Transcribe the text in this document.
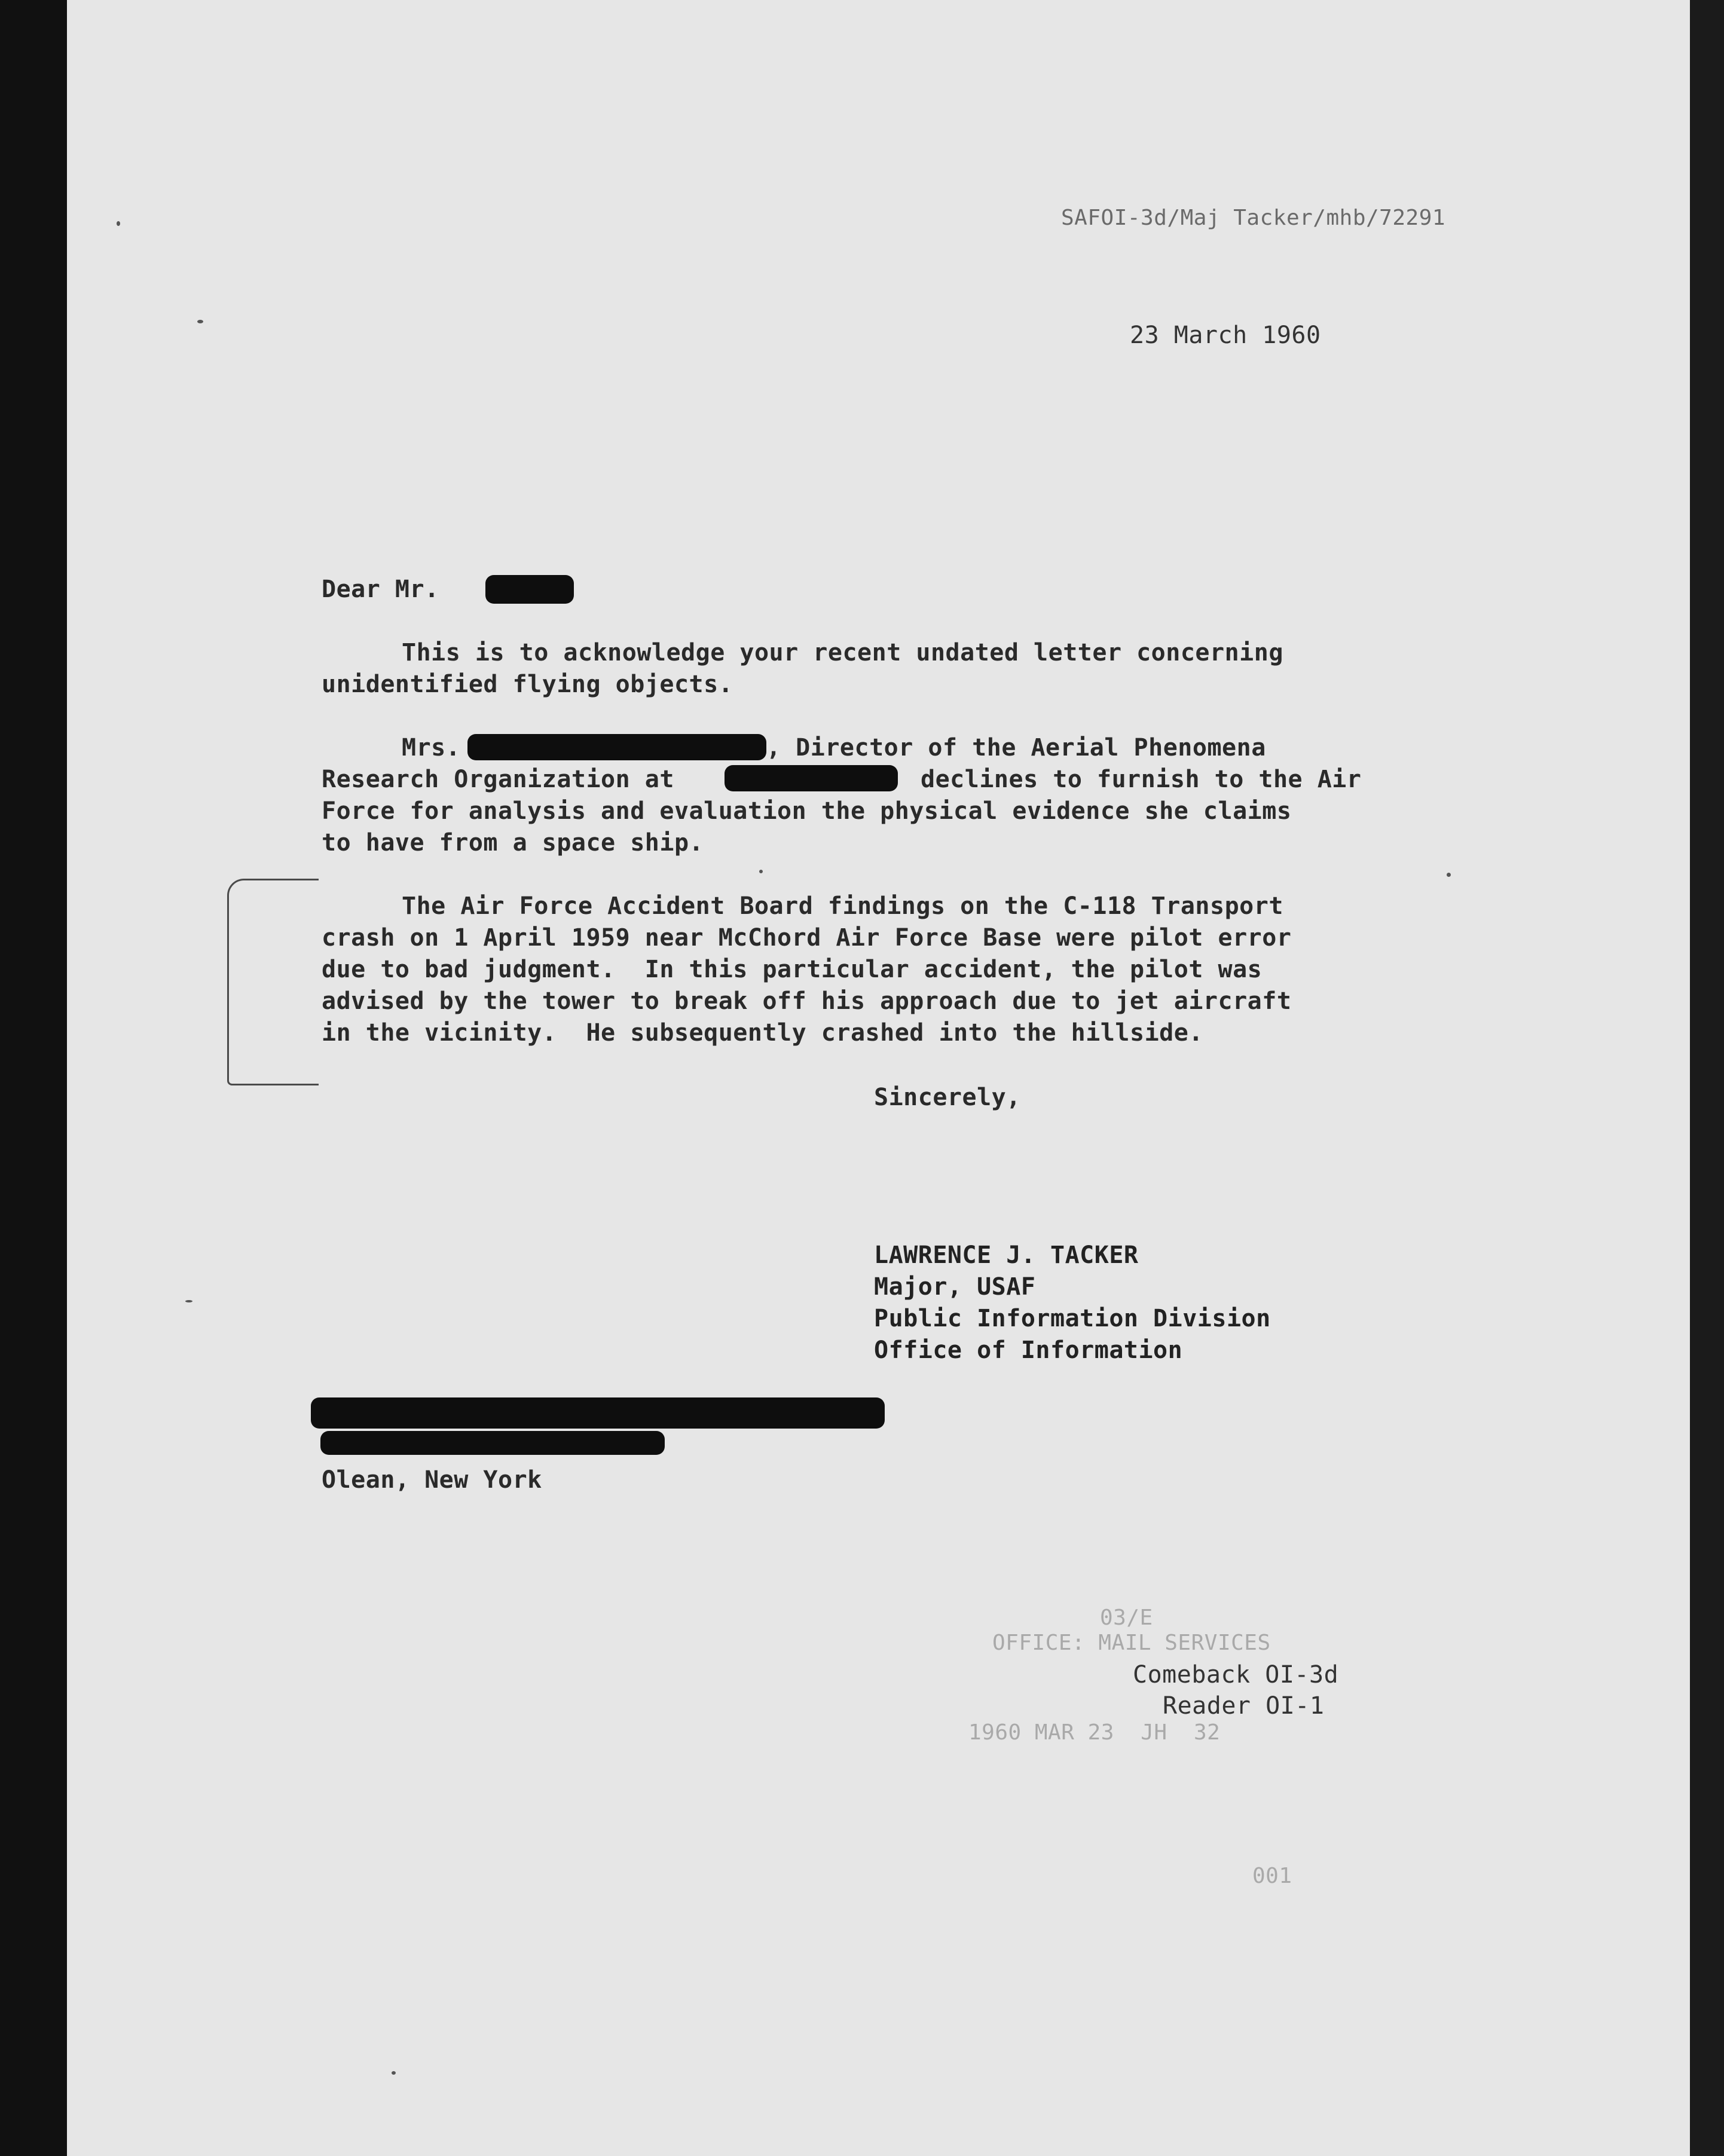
SAFOI-3d/Maj Tacker/mhb/72291
23 March 1960
Dear Mr.
This is to acknowledge your recent undated letter concerning
unidentified flying objects.
Mrs.	, Director of the Aerial Phenomena
Research Organization at	declines to furnish to the Air
Force for analysis and evaluation the physical evidence she claims
to have from a space ship.
The Air Force Accident Board findings on the C-118 Transport
crash on 1 April 1959 near McChord Air Force Base were pilot error
due to bad judgment.  In this particular accident, the pilot was
advised by the tower to break off his approach due to jet aircraft
in the vicinity.  He subsequently crashed into the hillside.
Sincerely,
LAWRENCE J. TACKER
Major, USAF
Public Information Division
Office of Information
Olean, New York
03/E
OFFICE: MAIL SERVICES
Comeback OI-3d
Reader OI-1
1960 MAR 23  JH  32
001
